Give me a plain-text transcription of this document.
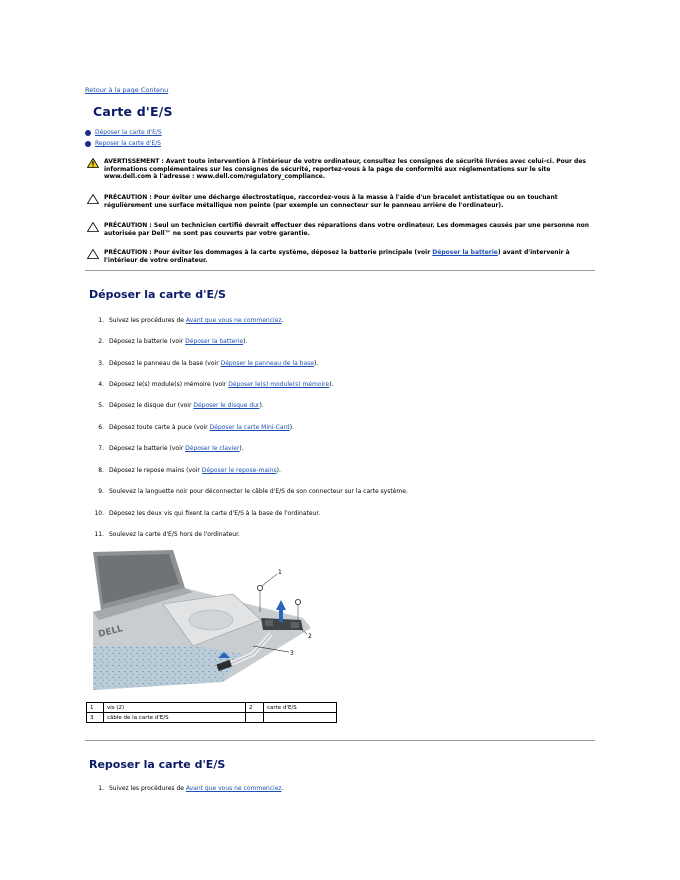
Retour à la page Contenu
Carte d'E/S
Déposer la carte d'E/S
Reposer la carte d'E/S
AVERTISSEMENT : Avant toute intervention à l'intérieur de votre ordinateur, consultez les consignes de sécurité livrées avec celui-ci. Pour des informations complémentaires sur les consignes de sécurité, reportez-vous à la page de conformité aux réglementations sur le site www.dell.com à l'adresse : www.dell.com/regulatory_compliance.
PRÉCAUTION : Pour éviter une décharge électrostatique, raccordez-vous à la masse à l'aide d'un bracelet antistatique ou en touchant régulièrement une surface métallique non peinte (par exemple un connecteur sur le panneau arrière de l'ordinateur).
PRÉCAUTION : Seul un technicien certifié devrait effectuer des réparations dans votre ordinateur. Les dommages causés par une personne non autorisée par Dell™ ne sont pas couverts par votre garantie.
PRÉCAUTION : Pour éviter les dommages à la carte système, déposez la batterie principale (voir Déposer la batterie) avant d'intervenir à l'intérieur de votre ordinateur.
Déposer la carte d'E/S
1. Suivez les procédures de Avant que vous ne commenciez.
2. Déposez la batterie (voir Déposer la batterie).
3. Déposez le panneau de la base (voir Déposer le panneau de la base).
4. Déposez le(s) module(s) mémoire (voir Déposer le(s) module(s) mémoire).
5. Déposez le disque dur (voir Déposer le disque dur).
6. Déposez toute carte à puce (voir Déposer la carte Mini-Card).
7. Déposez la batterie (voir Déposer le clavier).
8. Déposez le repose mains (voir Déposer le repose-mains).
9. Soulevez la languette noir pour déconnecter le câble d'E/S de son connecteur sur la carte système.
10. Déposez les deux vis qui fixent la carte d'E/S à la base de l'ordinateur.
11. Soulevez la carte d'E/S hors de l'ordinateur.
DELL
1
2
3
1	vis (2)	2	carte d'E/S
3	câble de la carte d'E/S		
Reposer la carte d'E/S
1. Suivez les procédures de Avant que vous ne commenciez.
